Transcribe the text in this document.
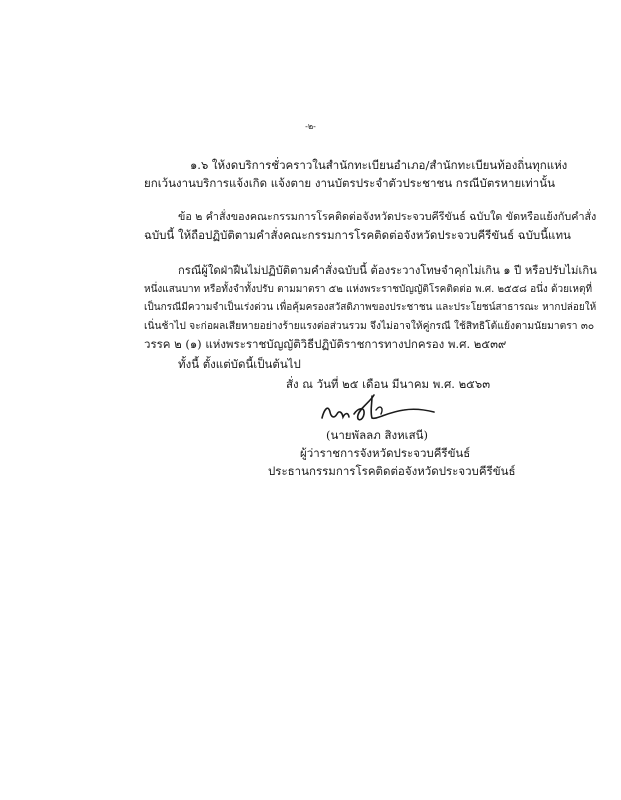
-๒-
๑.๖ ให้งดบริการชั่วคราวในสำนักทะเบียนอำเภอ/สำนักทะเบียนท้องถิ่นทุกแห่ง
ยกเว้นงานบริการแจ้งเกิด แจ้งตาย งานบัตรประจำตัวประชาชน กรณีบัตรหายเท่านั้น
ข้อ ๒ คำสั่งของคณะกรรมการโรคติดต่อจังหวัดประจวบคีรีขันธ์ ฉบับใด ขัดหรือแย้งกับคำสั่ง
ฉบับนี้ ให้ถือปฏิบัติตามคำสั่งคณะกรรมการโรคติดต่อจังหวัดประจวบคีรีขันธ์ ฉบับนี้แทน
กรณีผู้ใดฝ่าฝืนไม่ปฏิบัติตามคำสั่งฉบับนี้ ต้องระวางโทษจำคุกไม่เกิน ๑ ปี หรือปรับไม่เกิน
หนึ่งแสนบาท หรือทั้งจำทั้งปรับ ตามมาตรา ๕๒ แห่งพระราชบัญญัติโรคติดต่อ พ.ศ. ๒๕๕๘ อนึ่ง ด้วยเหตุที่
เป็นกรณีมีความจำเป็นเร่งด่วน เพื่อคุ้มครองสวัสดิภาพของประชาชน และประโยชน์สาธารณะ หากปล่อยให้
เนิ่นช้าไป จะก่อผลเสียหายอย่างร้ายแรงต่อส่วนรวม จึงไม่อาจให้คู่กรณี ใช้สิทธิโต้แย้งตามนัยมาตรา ๓๐
วรรค ๒ (๑) แห่งพระราชบัญญัติวิธีปฏิบัติราชการทางปกครอง พ.ศ. ๒๕๓๙
ทั้งนี้ ตั้งแต่บัดนี้เป็นต้นไป
สั่ง ณ วันที่ ๒๕ เดือน มีนาคม พ.ศ. ๒๕๖๓
(นายพัลลภ สิงหเสนี)
ผู้ว่าราชการจังหวัดประจวบคีรีขันธ์
ประธานกรรมการโรคติดต่อจังหวัดประจวบคีรีขันธ์
